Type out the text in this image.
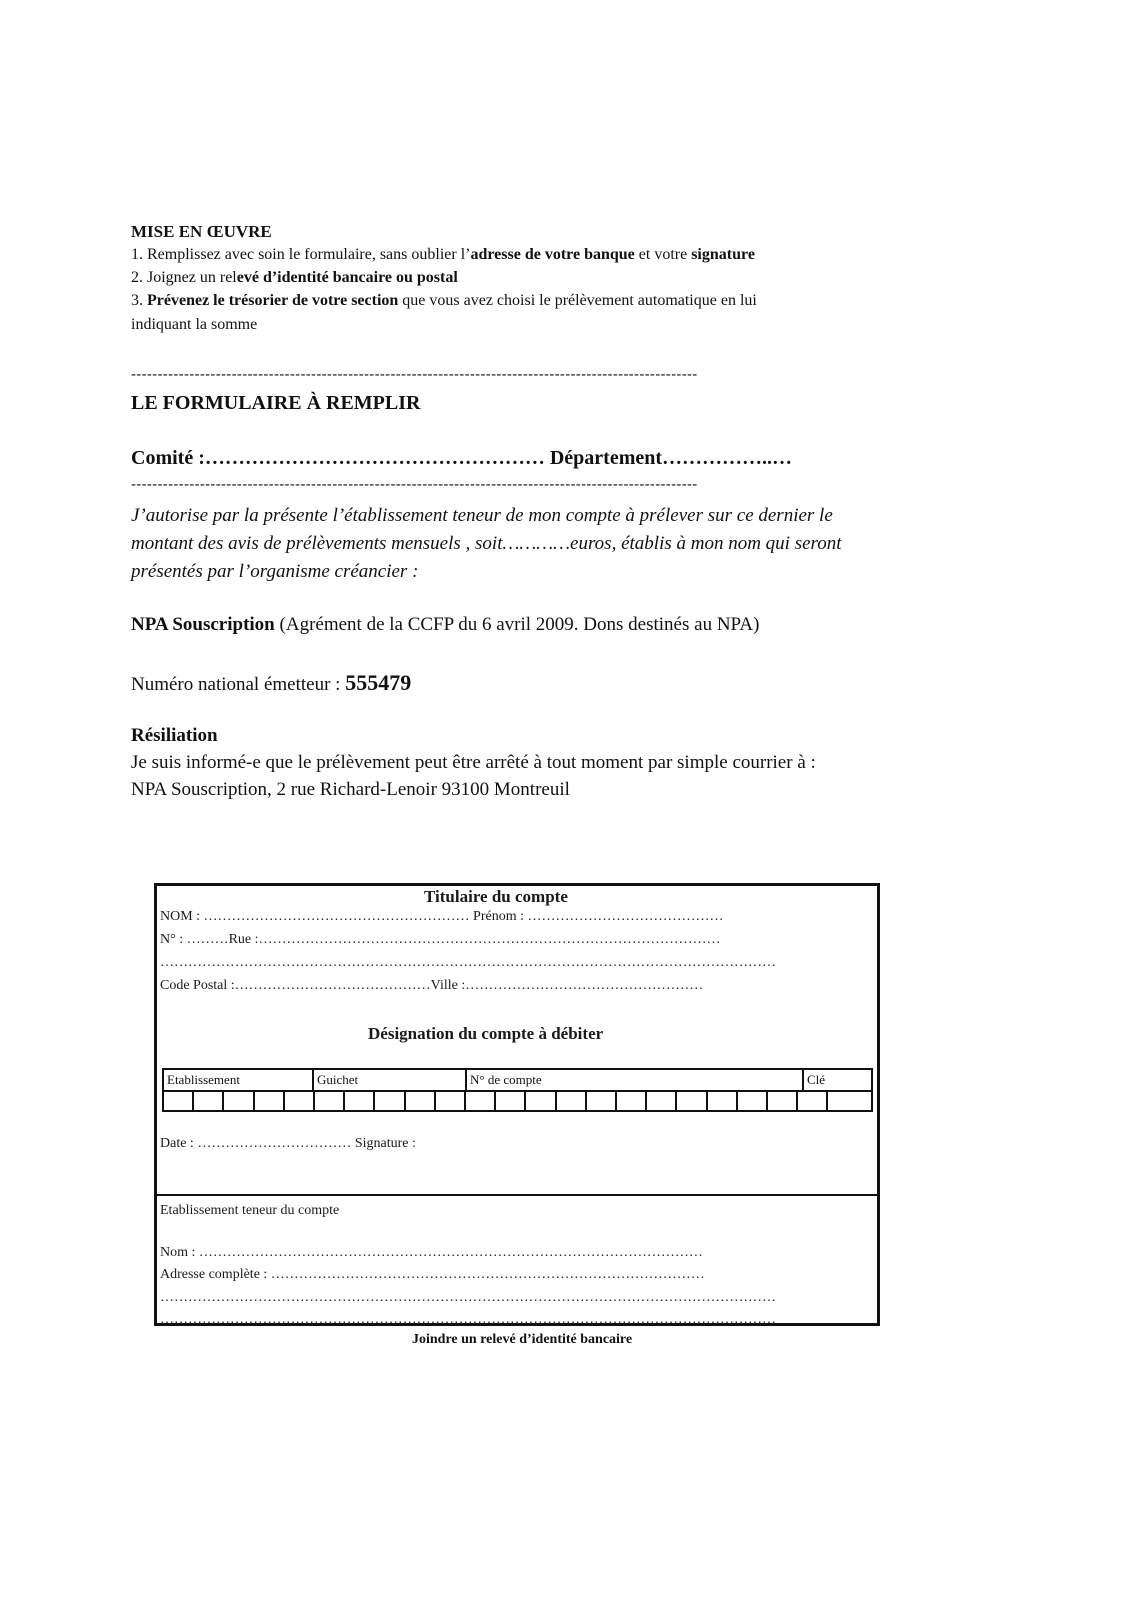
MISE EN ŒUVRE
1. Remplissez avec soin le formulaire, sans oublier l’adresse de votre banque et votre signature
2. Joignez un relevé d’identité bancaire ou postal
3. Prévenez le trésorier de votre section que vous avez choisi le prélèvement automatique en lui
indiquant la somme
-----------------------------------------------------------------------------------------------------------
LE FORMULAIRE À REMPLIR
Comité :…………………………………………… Département……………..…
-----------------------------------------------------------------------------------------------------------
J’autorise par la présente l’établissement teneur de mon compte à prélever sur ce dernier le
montant des avis de prélèvements mensuels , soit…………euros, établis à mon nom qui seront
présentés par l’organisme créancier :
NPA Souscription (Agrément de la CCFP du 6 avril 2009. Dons destinés au NPA)
Numéro national émetteur : 555479
Résiliation
Je suis informé-e que le prélèvement peut être arrêté à tout moment par simple courrier à :
NPA Souscription, 2 rue Richard-Lenoir 93100 Montreuil
Titulaire du compte
NOM : ………………………………………………… Prénom : ……………………………………
N° : ………Rue :………………………………………………………………………………………
……………………………………………………………………………………………………………………
Code Postal :……………………………………Ville :……………………………………………
Désignation du compte à débiter
Etablissement	Guichet	N° de compte	Clé
Date : …………………………… Signature :
Etablissement teneur du compte
Nom : ………………………………………………………………………………………………
Adresse complète : …………………………………………………………………………………
……………………………………………………………………………………………………………………
……………………………………………………………………………………………………………………
Joindre un relevé d’identité bancaire
